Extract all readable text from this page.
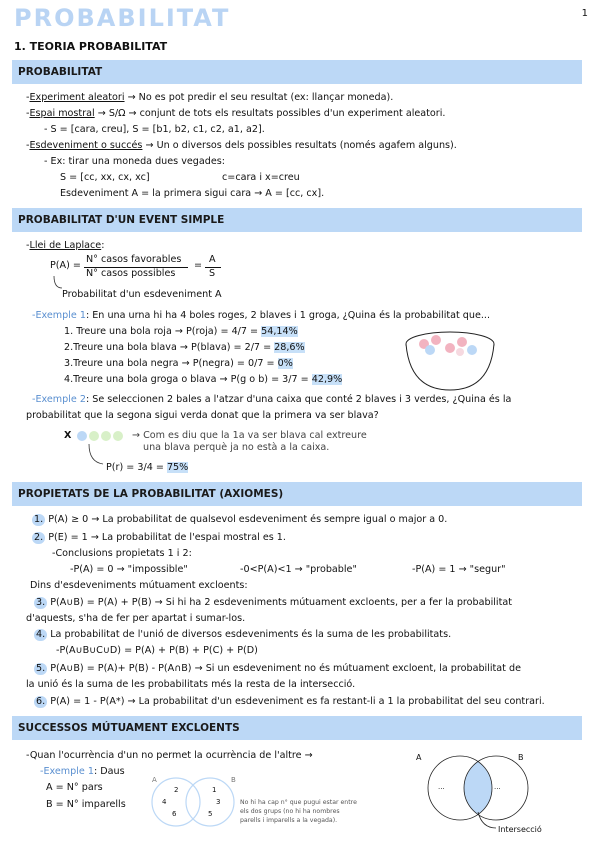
PROBABILITAT	1
1. TEORIA PROBABILITAT
PROBABILITAT
-Experiment aleatori → No es pot predir el seu resultat (ex: llançar moneda).
-Espai mostral → S/Ω → conjunt de tots els resultats possibles d'un experiment aleatori.
- S = [cara, creu], S = [b1, b2, c1, c2, a1, a2].
-Esdeveniment o succés → Un o diversos dels possibles resultats (només agafem alguns).
- Ex: tirar una moneda dues vegades:
S = [cc, xx, cx, xc]	c=cara i x=creu
Esdeveniment A = la primera sigui cara → A = [cc, cx].
PROBABILITAT D'UN EVENT SIMPLE
-Llei de Laplace:
P(A) =
N° casos favorables
N° casos possibles
=
A
S
Probabilitat d'un esdeveniment A
-Exemple 1: En una urna hi ha 4 boles roges, 2 blaves i 1 groga, ¿Quina és la probabilitat que...
1. Treure una bola roja → P(roja) = 4/7 = 54,14%
2.Treure una bola blava → P(blava) = 2/7 = 28,6%
3.Treure una bola negra → P(negra) = 0/7 = 0%
4.Treure una bola groga o blava → P(g o b) = 3/7 = 42,9%
-Exemple 2: Se seleccionen 2 bales a l'atzar d'una caixa que conté 2 blaves i 3 verdes, ¿Quina és la
probabilitat que la segona sigui verda donat que la primera va ser blava?
X	→ Com es diu que la 1a va ser blava cal extreure
una blava perquè ja no està a la caixa.
P(r) = 3/4 = 75%
PROPIETATS DE LA PROBABILITAT (AXIOMES)
1. P(A) ≥ 0 → La probabilitat de qualsevol esdeveniment és sempre igual o major a 0.
2. P(E) = 1 → La probabilitat de l'espai mostral es 1.
-Conclusions propietats 1 i 2:
-P(A) = 0 → "impossible"	-0<P(A)<1 → "probable"	-P(A) = 1 → "segur"
Dins d'esdeveniments mútuament excloents:
3. P(A∪B) = P(A) + P(B) → Si hi ha 2 esdeveniments mútuament excloents, per a fer la probabilitat
d'aquests, s'ha de fer per apartat i sumar-los.
4. La probabilitat de l'unió de diversos esdeveniments és la suma de les probabilitats.
-P(A∪B∪C∪D) = P(A) + P(B) + P(C) + P(D)
5. P(A∪B) = P(A)+ P(B) - P(A∩B) → Si un esdeveniment no és mútuament excloent, la probabilitat de
la unió és la suma de les probabilitats més la resta de la intersecció.
6. P(A) = 1 - P(A*) → La probabilitat d'un esdeveniment es fa restant-li a 1 la probabilitat del seu contrari.
SUCCESSOS MÚTUAMENT EXCLOENTS
-Quan l'ocurrència d'un no permet la ocurrència de l'altre →
-Exemple 1: Daus
A = N° pars
B = N° imparells
A	B
2
4
6
1
3
5
No hi ha cap n° que pugui estar entre
els dos grups (no hi ha nombres
parells i imparells a la vegada).
A	B
...	...
Intersecció
